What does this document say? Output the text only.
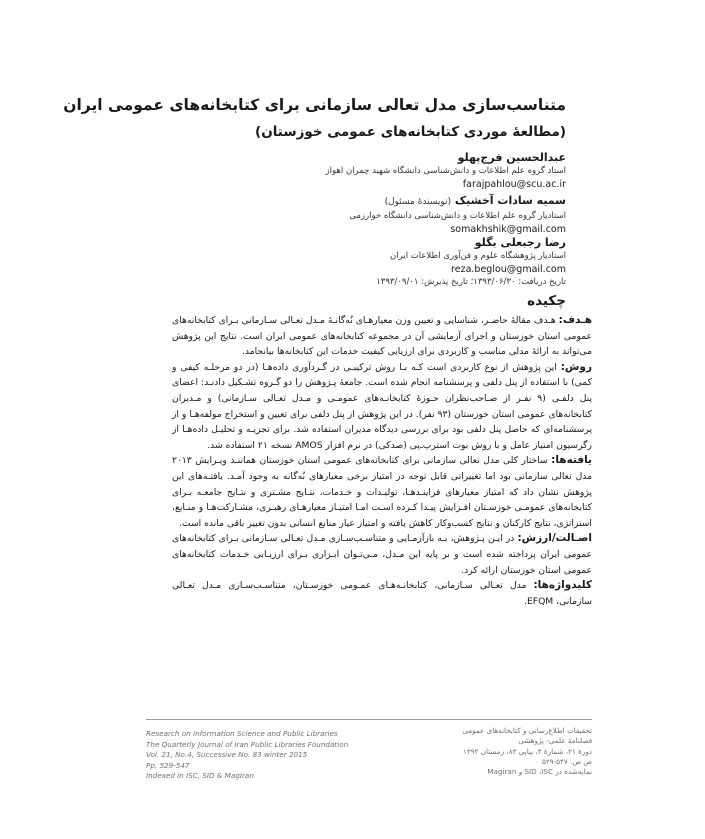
متناسب‌سازی مدل تعالی سازمانی برای کتابخانه‌های عمومی ایران
(مطالعهٔ موردی کتابخانه‌های عمومی خوزستان)
عبدالحسین فرج‌پهلو
استاد گروه علم اطلاعات و دانش‌شناسی دانشگاه شهید چمران اهواز
farajpahlou@scu.ac.ir
سمیه سادات آخشیک (نویسندهٔ مسئول)
استادیار گروه علم اطلاعات و دانش‌شناسی دانشگاه خوارزمی
somakhshik@gmail.com
رضا رجبعلی بگلو
استادیار پژوهشگاه علوم و فن‌آوری اطلاعات ایران
reza.beglou@gmail.com
تاریخ دریافت: ۱۳۹۳/۰۶/۳۰؛ تاریخ پذیرش: ۱۳۹۳/۰۹/۰۱
چکیده

هـدف: هـدف مقالهٔ حاضـر، شناسایی و تعیین وزن معیارهـای نُه‌گانـهٔ مـدل تعـالی سـازمانی بـرای کتابخانه‌های عمومی استان خوزستان و اجرای آزمایشی آن در مجموعه کتابخانه‌های عمومی ایران است. نتایج این پژوهش می‌تواند به ارائهٔ مدلی مناسب و کاربردی برای ارزیابی کیفیت خدمات این کتابخانه‌ها بیانجامد.

روش: این پژوهش از نوع کاربردی است کـه بـا روش ترکیبـی در گـردآوری داده‌هـا (در دو مرحلـه کیفی و کمی) با استفاده از پنل دلفی و پرسشنامه انجام شده است. جامعهٔ پـژوهش را دو گـروه تشـکیل دادنـد: اعضای پنل دلفـی (۹ نفـر از صـاحب‌نظران حـوزهٔ کتابخانـه‌های عمومـی و مـدل تعـالی سـازمانی) و مـدیران کتابخانه‌های عمومی استان خوزستان (۹۳ نفر). در این پژوهش از پنل دلفی برای تعیین و استخراج مولفه‌هـا و از پرسشنامه‌ای که حاصل پنل دلفی بود برای بررسی دیدگاه مدیران استفاده شد. برای تجزیـه و تحلیـل داده‌هـا از رگرسیون امتیاز عامل و با روش بوت استرپ‌ـ‌پی (صدکی) در نرم افزار AMOS نسخه ۲۱ استفاده شد.

یافته‌ها: ساختار کلی مدل تعالی سازمانی برای کتابخانه‌های عمومی استان خوزستان هماننـد ویـرایش ۲۰۱۳ مدل تعالی سازمانی بود اما تغییراتی قابل توجه در امتیاز برخی معیارهای نُه‌گانه به وجود آمـد. یافتـه‌های این پژوهش نشان داد که امتیاز معیارهای فراینـدهـا، تولیـدات و خـدمات، نتـایج مشـتری و نتـایج جامعـه بـرای کتابخانه‌های عمومـی خوزسـتان افـزایش پیـدا کـرده اسـت امـا امتیـاز معیارهـای رهبـری، مشـارکت‌هـا و منـابع، استراتژی، نتایج کارکنان و نتایج کسب‌وکار کاهش یافته و امتیاز عیار منابع انسانی بدون تغییر باقی مانده است.

اصـالت/ارزش: در ایـن پـژوهش، بـه بازآزمـایی و متناسـب‌سـازی مـدل تعـالی سـازمانی بـرای کتابخانه‌های عمومی ایران پرداخته شده است و بر پایه این مـدل، مـی‌تـوان ابـزاری بـرای ارزیـابی خـدمات کتابخانه‌های عمومی استان خوزستان ارائه کرد.

کلیدواژه‌ها: مدل تعـالی سـازمانی، کتابخانـه‌هـای عمـومی خوزسـتان، متناسـب‌سـازی مـدل تعـالی سازمانی، EFQM.

Research on Information Science and Public Libraries
The Quarterly Journal of Iran Public Libraries Foundation
Vol. 21, No.4, Successive No. 83 winter 2015
Pp. 529-547
Indexed in ISC, SID & MagIran
تحقیقات اطلاع‌رسانی و کتابخانه‌های عمومی
فصلنامهٔ علمی- پژوهشی
دورهٔ ۲۱، شمارهٔ ۴، پیاپی ۸۳، زمستان ۱۳۹۴
ص ص. ۵۴۷-۵۲۹
نمایه‌شده در SID ،ISC و Magiran
